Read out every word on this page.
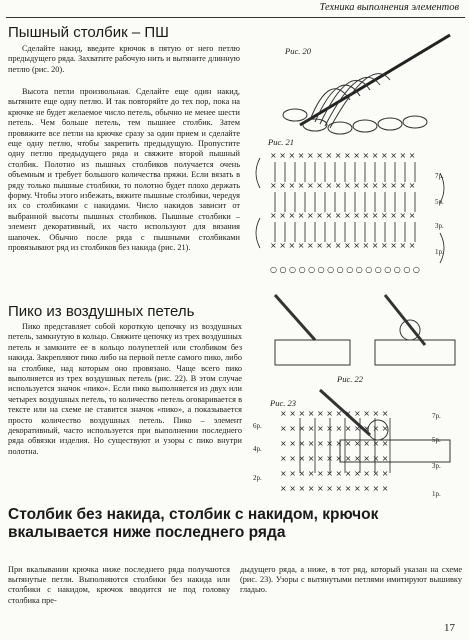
Техника выполнения элементов
Пышный столбик – ПШ

Сделайте накид, введите крючок в пятую от него петлю предыдущего ряда. Захватите рабочую нить и вытяните длинную петлю (рис. 20).

Высота петли произвольная. Сделайте еще один накид, вытяните еще одну петлю. И так повторяйте до тех пор, пока на крючке не будет желаемое число петель, обычно не менее шести петель. Чем больше петель, тем пышнее столбик. Затем провяжите все петли на крючке сразу за один прием и сделайте еще одну петлю, чтобы закрепить предыдущую. Пропустите одну петлю предыдущего ряда и свяжите второй пышный столбик. Полотно из пышных столбиков получается очень объемным и требует большого количества пряжи. Если вязать в ряду только пышные столбики, то полотно будет плохо держать форму. Чтобы этого избежать, вяжите пышные столбики, чередуя их со столбиками с накидами. Число накидов зависит от выбранной высоты пышных столбиков. Пышные столбики – элемент декоративный, их часто используют для вязания шапочек. Обычно после ряда с пышными столбиками провязывают ряд из столбиков без накида (рис. 21).

Рис. 20
Рис. 21
× × × × × × × × × × × × × × × ×
× × × × × × × × × × × × × × × ×
× × × × × × × × × × × × × × × ×
× × × × × × × × × × × × × × × ×
○ ○ ○ ○ ○ ○ ○ ○ ○ ○ ○ ○ ○ ○ ○ ○
7р.
5р.
3р.
1р.
Пико из воздушных петель

Пико представляет собой короткую цепочку из воздушных петель, замкнутую в кольцо. Свяжите цепочку из трех воздушных петель и замкните ее в кольцо полупетлей или столбиком без накида. Закрепляют пико либо на первой петле самого пико, либо на столбике, над которым оно провязано. Чаще всего пико выполняется из трех воздушных петель (рис. 22). В этом случае используется значок «пико». Если пико выполняется из двух или четырех воздушных петель, то количество петель оговаривается в тексте или на схеме не ставится значок «пико», а показывается просто количество воздушных петель. Пико – элемент декоративный, часто используется при выполнении последнего ряда обвязки изделия. Но существуют и узоры с пико внутри полотна.

Рис. 22
Рис. 23
× × × × × × × × × × × ×
× × × × × × × × × × × ×
× × × × × × × × × × × ×
× × × × × × × × × × × ×
× × × × × × × × × × × ×
× × × × × × × × × × × ×
6р.
4р.
2р.
7р.
5р.
3р.
1р.
Столбик без накида, столбик с накидом, крючок вкалывается ниже последнего ряда
При вкалывании крючка ниже последнего ряда получаются вытянутые петли. Выполняются столбики без накида или столбики с накидом, крючок вводится не под головку столбика пре-
дыдущего ряда, а ниже, в тот ряд, который указан на схеме (рис. 23). Узоры с вытянутыми петлями имитируют вышивку гладью.
17
